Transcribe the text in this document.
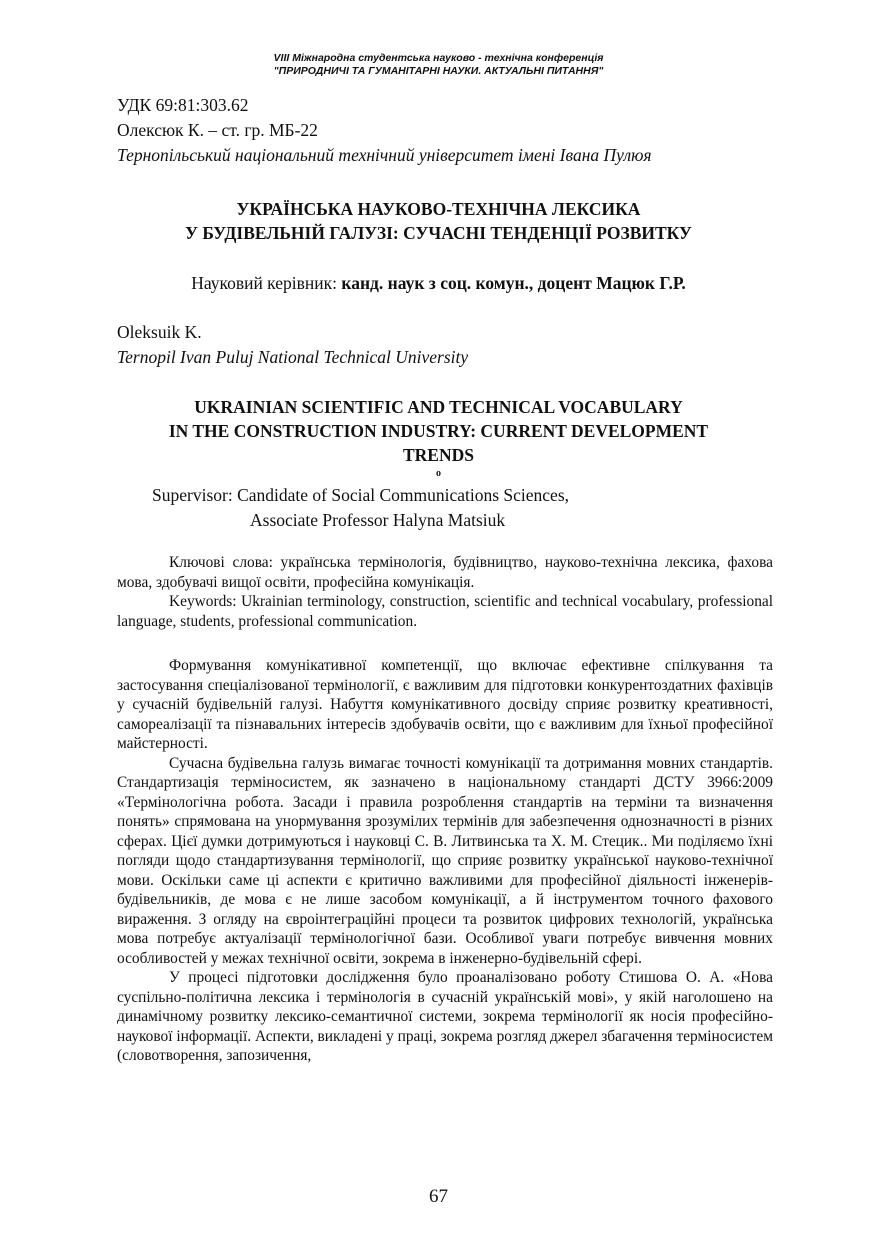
VIII Міжнародна студентська науково - технічна конференція
"ПРИРОДНИЧІ ТА ГУМАНІТАРНІ НАУКИ. АКТУАЛЬНІ ПИТАННЯ"
УДК 69:81:303.62
Олексюк К. – ст. гр. МБ-22
Тернопільський національний технічний університет імені Івана Пулюя
УКРАЇНСЬКА НАУКОВО-ТЕХНІЧНА ЛЕКСИКА
У БУДІВЕЛЬНІЙ ГАЛУЗІ: СУЧАСНІ ТЕНДЕНЦІЇ РОЗВИТКУ
Науковий керівник: канд. наук з соц. комун., доцент Мацюк Г.Р.
Oleksuik K.
Ternopil Ivan Puluj National Technical University
UKRAINIAN SCIENTIFIC AND TECHNICAL VOCABULARY
IN THE CONSTRUCTION INDUSTRY: CURRENT DEVELOPMENT
TRENDS
o
Supervisor: Candidate of Social Communications Sciences,
Associate Professor Halyna Matsiuk

Ключові слова: українська термінологія, будівництво, науково-технічна лексика, фахова мова, здобувачі вищої освіти, професійна комунікація.

Keywords: Ukrainian terminology, construction, scientific and technical vocabulary, professional language, students, professional communication.

Формування комунікативної компетенції, що включає ефективне спілкування та застосування спеціалізованої термінології, є важливим для підготовки конкурентоздатних фахівців у сучасній будівельній галузі. Набуття комунікативного досвіду сприяє розвитку креативності, самореалізації та пізнавальних інтересів здобувачів освіти, що є важливим для їхньої професійної майстерності.

Сучасна будівельна галузь вимагає точності комунікації та дотримання мовних стандартів. Стандартизація терміносистем, як зазначено в національному стандарті ДСТУ 3966:2009 «Термінологічна робота. Засади і правила розроблення стандартів на терміни та визначення понять» спрямована на унормування зрозумілих термінів для забезпечення однозначності в різних сферах. Цієї думки дотримуються і науковці С. В. Литвинська та Х. М. Стецик.. Ми поділяємо їхні погляди щодо стандартизування термінології, що сприяє розвитку української науково-технічної мови. Оскільки саме ці аспекти є критично важливими для професійної діяльності інженерів-будівельників, де мова є не лише засобом комунікації, а й інструментом точного фахового вираження. З огляду на євроінтеграційні процеси та розвиток цифрових технологій, українська мова потребує актуалізації термінологічної бази. Особливої уваги потребує вивчення мовних особливостей у межах технічної освіти, зокрема в інженерно-будівельній сфері.

У процесі підготовки дослідження було проаналізовано роботу Стишова О. А. «Нова суспільно-політична лексика і термінологія в сучасній українській мові», у якій наголошено на динамічному розвитку лексико-семантичної системи, зокрема термінології як носія професійно-наукової інформації. Аспекти, викладені у праці, зокрема розгляд джерел збагачення терміносистем (словотворення, запозичення,

67
